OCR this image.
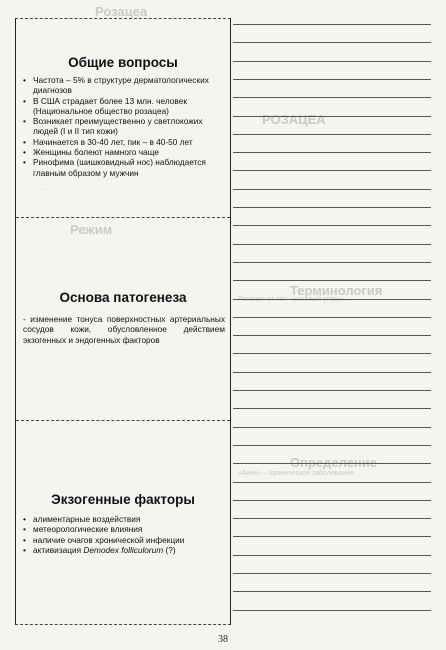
Розацеа
РОЗАЦЕА
Терминология
Определение
Режим
Розацея от лат. «розовый угорь» ...
«Акне» – хроническое заболевание ...
...
Общие вопросы
• Частота – 5% в структуре дерматологических диагнозов
• В США страдает более 13 млн. человек (Национальное общество розацеа)
• Возникает преимущественно у светлокожих людей (I и II тип кожи)
• Начинается в 30-40 лет, пик – в 40-50 лет
• Женщины болеют намного чаще
• Ринофима (шишковидный нос) наблюдается главным образом у мужчин
Основа патогенеза
- изменение тонуса поверхностных артериальных сосудов кожи, обусловленное действием экзогенных и эндогенных факторов
Экзогенные факторы
• алиментарные воздействия
• метеорологические влияния
• наличие очагов хронической инфекции
• активизация Demodex folliculorum (?)
38
